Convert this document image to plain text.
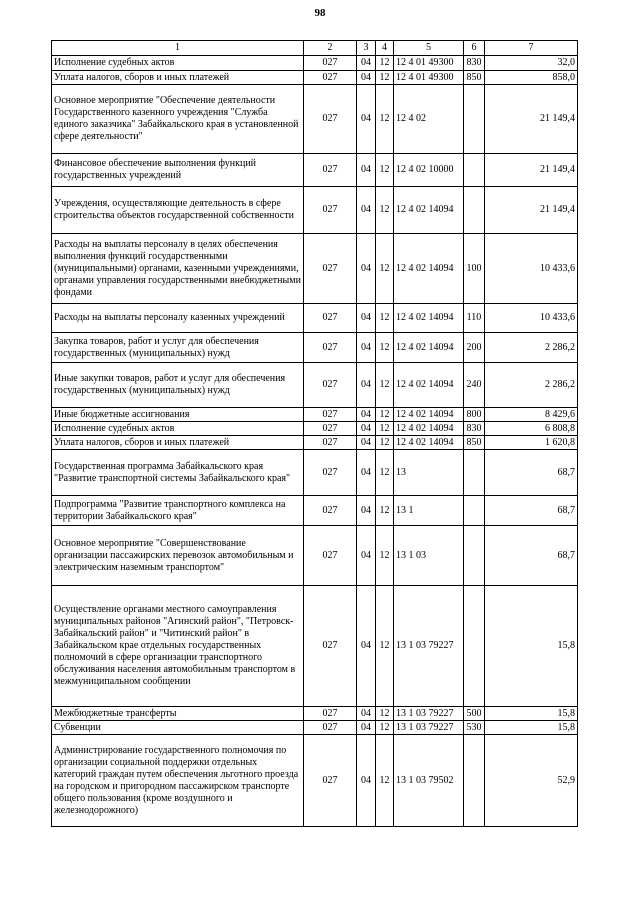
98
1	2	3	4	5	6	7
Исполнение судебных актов	027	04	12	12 4 01 49300	830	32,0
Уплата налогов, сборов и иных платежей	027	04	12	12 4 01 49300	850	858,0
Основное мероприятие "Обеспечение деятельности Государственного казенного учреждения "Служба единого заказчика" Забайкальского края в установленной сфере деятельности"	027	04	12	12 4 02		21 149,4
Финансовое обеспечение выполнения функций государственных учреждений	027	04	12	12 4 02 10000		21 149,4
Учреждения, осуществляющие деятельность в сфере строительства объектов государственной собственности	027	04	12	12 4 02 14094		21 149,4
Расходы на выплаты персоналу в целях обеспечения выполнения функций государственными (муниципальными) органами, казенными учреждениями, органами управления государственными внебюджетными фондами	027	04	12	12 4 02 14094	100	10 433,6
Расходы на выплаты персоналу казенных учреждений	027	04	12	12 4 02 14094	110	10 433,6
Закупка товаров, работ и услуг для обеспечения государственных (муниципальных) нужд	027	04	12	12 4 02 14094	200	2 286,2
Иные закупки товаров, работ и услуг для обеспечения государственных (муниципальных) нужд	027	04	12	12 4 02 14094	240	2 286,2
Иные бюджетные ассигнования	027	04	12	12 4 02 14094	800	8 429,6
Исполнение судебных актов	027	04	12	12 4 02 14094	830	6 808,8
Уплата налогов, сборов и иных платежей	027	04	12	12 4 02 14094	850	1 620,8
Государственная программа Забайкальского края "Развитие транспортной системы Забайкальского края"	027	04	12	13		68,7
Подпрограмма "Развитие транспортного комплекса на территории Забайкальского края"	027	04	12	13 1		68,7
Основное мероприятие "Совершенствование организации пассажирских перевозок автомобильным и электрическим наземным транспортом"	027	04	12	13 1 03		68,7
Осуществление органами местного самоуправления муниципальных районов "Агинский район", "Петровск-Забайкальский район" и "Читинский район" в Забайкальском крае отдельных государственных полномочий в сфере организации транспортного обслуживания населения автомобильным транспортом в межмуниципальном сообщении	027	04	12	13 1 03 79227		15,8
Межбюджетные трансферты	027	04	12	13 1 03 79227	500	15,8
Субвенции	027	04	12	13 1 03 79227	530	15,8
Администрирование государственного полномочия по организации социальной поддержки отдельных категорий граждан путем обеспечения льготного проезда на городском и пригородном пассажирском транспорте общего пользования (кроме воздушного и железнодорожного)	027	04	12	13 1 03 79502		52,9
